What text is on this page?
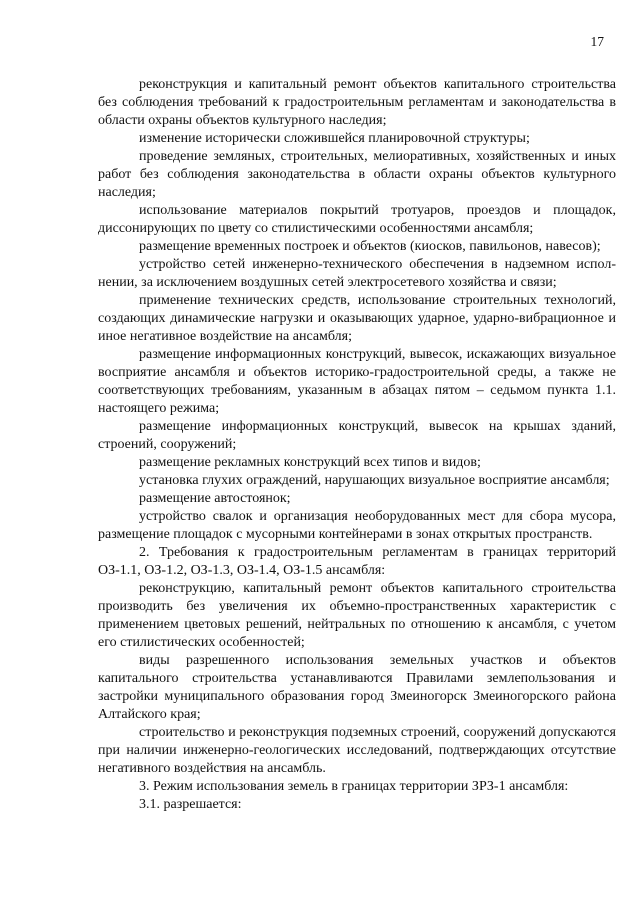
17

реконструкция и капитальный ремонт объектов капитального строительства без соблюдения требований к градостроительным регламентам и законодательства в области охраны объектов культурного наследия;

изменение исторически сложившейся планировочной структуры;

проведение земляных, строительных, мелиоративных, хозяйственных и иных работ без соблюдения законодательства в области охраны объектов культурного наследия;

использование материалов покрытий тротуаров, проездов и площадок, диссонирующих по цвету со стилистическими особенностями ансамбля;

размещение временных построек и объектов (киосков, павильонов, навесов);

устройство сетей инженерно-технического обеспечения в надземном исполнении, за исключением воздушных сетей электросетевого хозяйства и связи;

применение технических средств, использование строительных технологий, создающих динамические нагрузки и оказывающих ударное, ударно-вибрационное и иное негативное воздействие на ансамбля;

размещение информационных конструкций, вывесок, искажающих визуальное восприятие ансамбля и объектов историко-градостроительной среды, а также не соответствующих требованиям, указанным в абзацах пятом – седьмом пункта 1.1. настоящего режима;

размещение информационных конструкций, вывесок на крышах зданий, строений, сооружений;

размещение рекламных конструкций всех типов и видов;

установка глухих ограждений, нарушающих визуальное восприятие ансамбля;

размещение автостоянок;

устройство свалок и организация необорудованных мест для сбора мусора, размещение площадок с мусорными контейнерами в зонах открытых пространств.

2. Требования к градостроительным регламентам в границах территорий ОЗ-1.1, ОЗ-1.2, ОЗ-1.3, ОЗ-1.4, ОЗ-1.5 ансамбля:

реконструкцию, капитальный ремонт объектов капитального строительства производить без увеличения их объемно-пространственных характеристик с применением цветовых решений, нейтральных по отношению к ансамбля, с учетом его стилистических особенностей;

виды разрешенного использования земельных участков и объектов капитального строительства устанавливаются Правилами землепользования и застройки муниципального образования город Змеиногорск Змеиногорского района Алтайского края;

строительство и реконструкция подземных строений, сооружений допускаются при наличии инженерно-геологических исследований, подтверждающих отсутствие негативного воздействия на ансамбль.

3. Режим использования земель в границах территории ЗРЗ-1 ансамбля:

3.1. разрешается:
